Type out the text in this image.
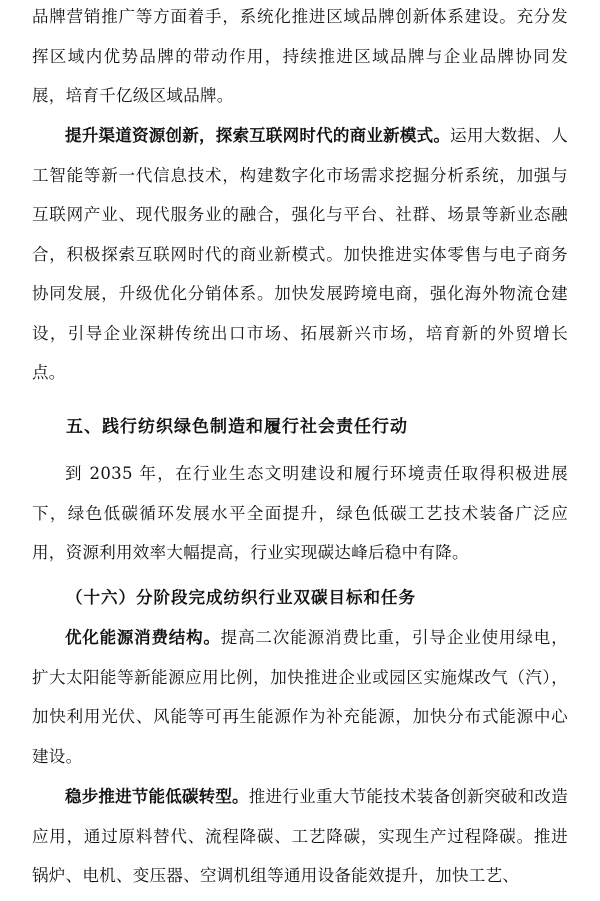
品牌营销推广等方面着手，系统化推进区域品牌创新体系建设。充分发挥区域内优势品牌的带动作用，持续推进区域品牌与企业品牌协同发展，培育千亿级区域品牌。

提升渠道资源创新，探索互联网时代的商业新模式。运用大数据、人工智能等新一代信息技术，构建数字化市场需求挖掘分析系统，加强与互联网产业、现代服务业的融合，强化与平台、社群、场景等新业态融合，积极探索互联网时代的商业新模式。加快推进实体零售与电子商务协同发展，升级优化分销体系。加快发展跨境电商，强化海外物流仓建设，引导企业深耕传统出口市场、拓展新兴市场，培育新的外贸增长点。

五、践行纺织绿色制造和履行社会责任行动

到 2035 年，在行业生态文明建设和履行环境责任取得积极进展下，绿色低碳循环发展水平全面提升，绿色低碳工艺技术装备广泛应用，资源利用效率大幅提高，行业实现碳达峰后稳中有降。

（十六）分阶段完成纺织行业双碳目标和任务

优化能源消费结构。提高二次能源消费比重，引导企业使用绿电，扩大太阳能等新能源应用比例，加快推进企业或园区实施煤改气（汽），加快利用光伏、风能等可再生能源作为补充能源，加快分布式能源中心建设。

稳步推进节能低碳转型。推进行业重大节能技术装备创新突破和改造应用，通过原料替代、流程降碳、工艺降碳，实现生产过程降碳。推进锅炉、电机、变压器、空调机组等通用设备能效提升，加快工艺、
